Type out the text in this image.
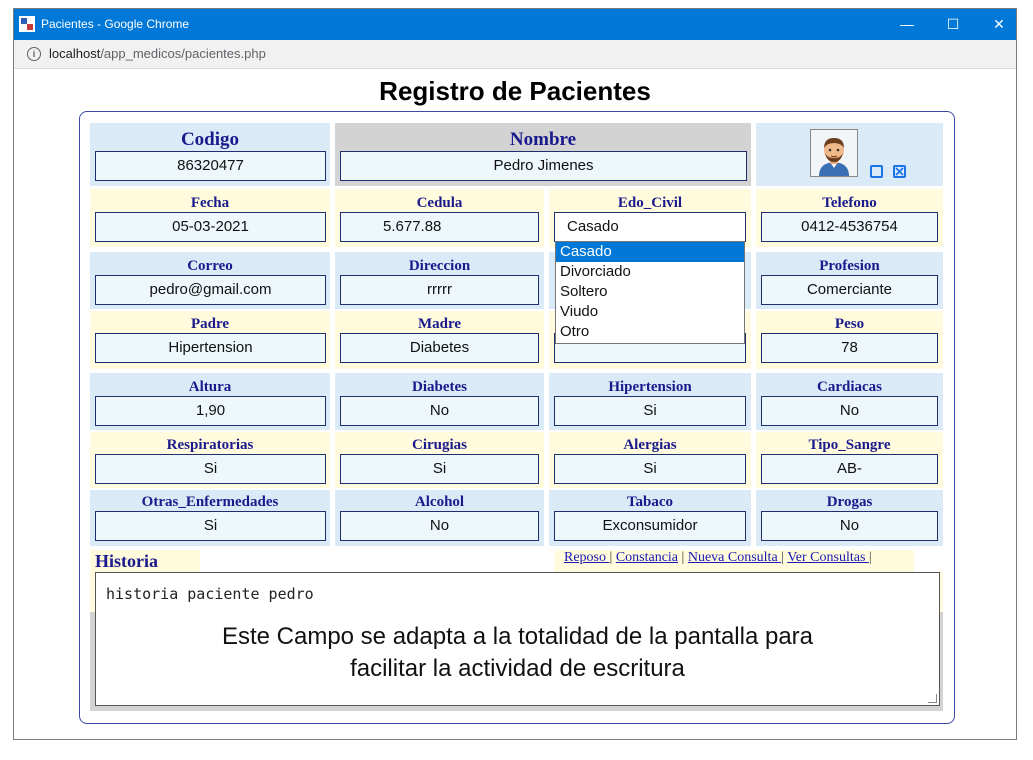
Pacientes - Google Chrome	—	☐	✕
i	localhost/app_medicos/pacientes.php
Registro de Pacientes
Codigo
86320477
Nombre
Pedro Jimenes
Fecha
05-03-2021
Cedula
5.677.88
Edo_Civil
Casado
Telefono
0412-4536754
Correo
pedro@gmail.com
Direccion
rrrrr
Profesion
Comerciante
Padre
Hipertension
Madre
Diabetes
Peso
78
Altura
1,90
Diabetes
No
Hipertension
Si
Cardiacas
No
Respiratorias
Si
Cirugias
Si
Alergias
Si
Tipo_Sangre
AB-
Otras_Enfermedades
Si
Alcohol
No
Tabaco
Exconsumidor
Drogas
No
Historia	Reposo | Constancia | Nueva Consulta | Ver Consultas |
historia paciente pedro
Este Campo se adapta a la totalidad de la pantalla para
facilitar la actividad de escritura
Casado
Divorciado
Soltero
Viudo
Otro
